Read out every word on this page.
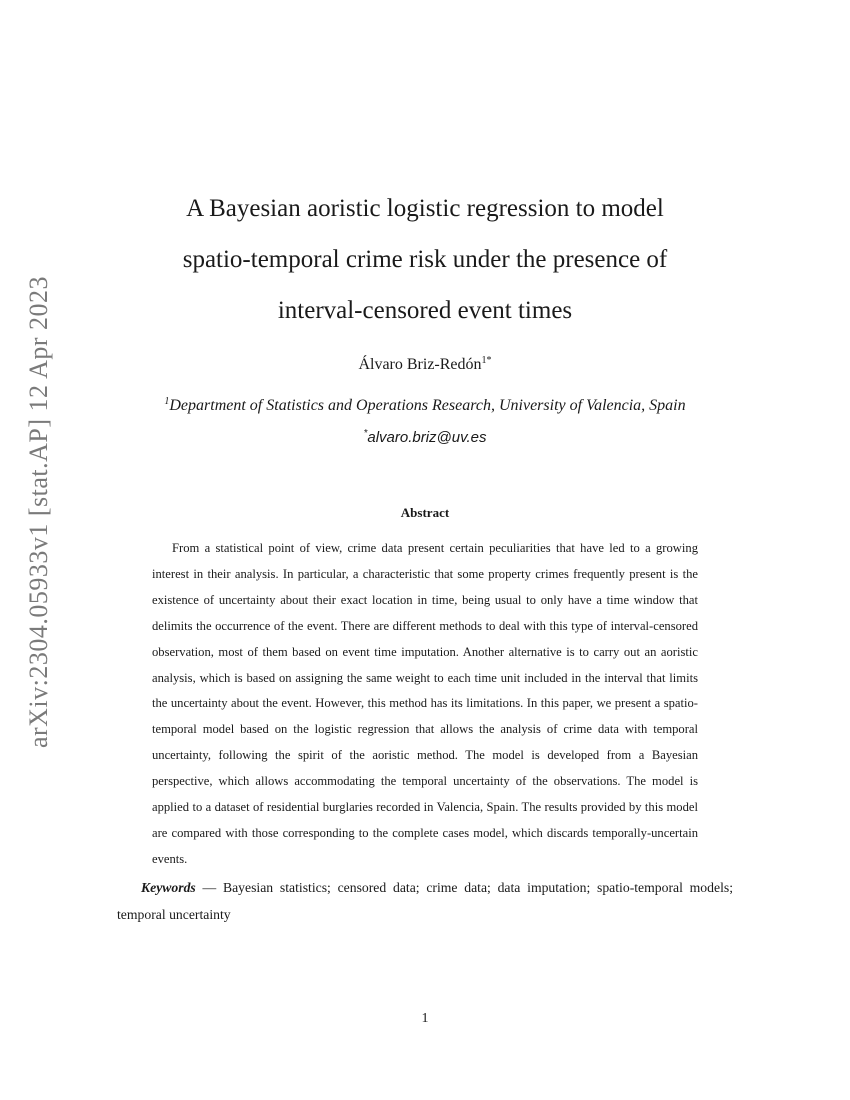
arXiv:2304.05933v1 [stat.AP] 12 Apr 2023
A Bayesian aoristic logistic regression to model
spatio-temporal crime risk under the presence of
interval-censored event times
Álvaro Briz-Redón$^{1*}$
$^1$Department of Statistics and Operations Research, University of Valencia, Spain
*alvaro.briz@uv.es
Abstract

From a statistical point of view, crime data present certain peculiarities that have led to a growing interest in their analysis. In particular, a characteristic that some property crimes frequently present is the existence of uncertainty about their exact location in time, being usual to only have a time window that delimits the occurrence of the event. There are different methods to deal with this type of interval-censored observation, most of them based on event time imputation. Another alternative is to carry out an aoristic analysis, which is based on assigning the same weight to each time unit included in the interval that limits the uncertainty about the event. However, this method has its limitations. In this paper, we present a spatio-temporal model based on the logistic regression that allows the analysis of crime data with temporal uncertainty, following the spirit of the aoristic method. The model is developed from a Bayesian perspective, which allows accommodating the temporal uncertainty of the observations. The model is applied to a dataset of residential burglaries recorded in Valencia, Spain. The results provided by this model are compared with those corresponding to the complete cases model, which discards temporally-uncertain events.

Keywords — Bayesian statistics; censored data; crime data; data imputation; spatio-temporal models; temporal uncertainty

1
